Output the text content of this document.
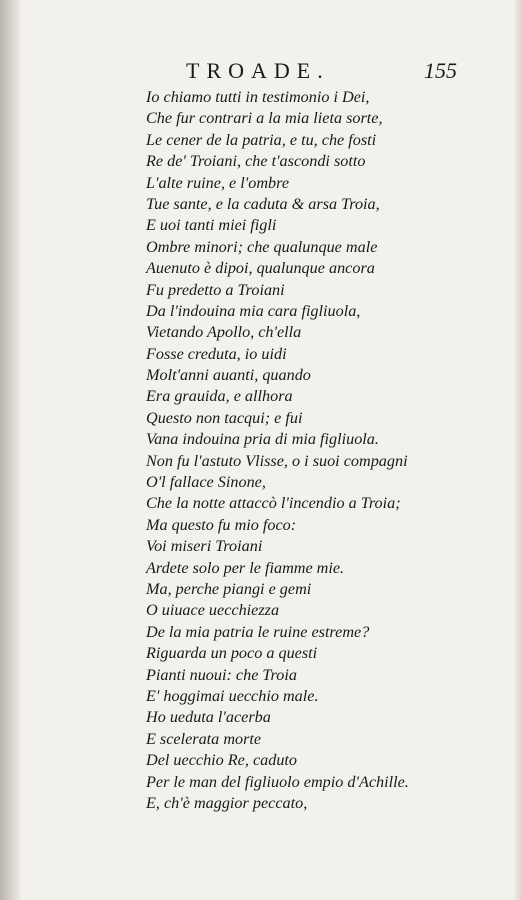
TROADE.	155
Io chiamo tutti in testimonio i Dei,
Che fur contrari a la mia lieta sorte,
Le cener de la patria, e tu, che fosti
Re de' Troiani, che t'ascondi sotto
L'alte ruine, e l'ombre
Tue sante, e la caduta & arsa Troia,
E uoi tanti miei figli
Ombre minori; che qualunque male
Auenuto è dipoi, qualunque ancora
Fu predetto a Troiani
Da l'indouina mia cara figliuola,
Vietando Apollo, ch'ella
Fosse creduta, io uidi
Molt'anni auanti, quando
Era grauida, e allhora
Questo non tacqui; e fui
Vana indouina pria di mia figliuola.
Non fu l'astuto Vlisse, o i suoi compagni
O'l fallace Sinone,
Che la notte attaccò l'incendio a Troia;
Ma questo fu mio foco:
Voi miseri Troiani
Ardete solo per le fiamme mie.
Ma, perche piangi e gemi
O uiuace uecchiezza
De la mia patria le ruine estreme?
Riguarda un poco a questi
Pianti nuoui: che Troia
E' hoggimai uecchio male.
Ho ueduta l'acerba
E scelerata morte
Del uecchio Re, caduto
Per le man del figliuolo empio d'Achille.
E, ch'è maggior peccato,
